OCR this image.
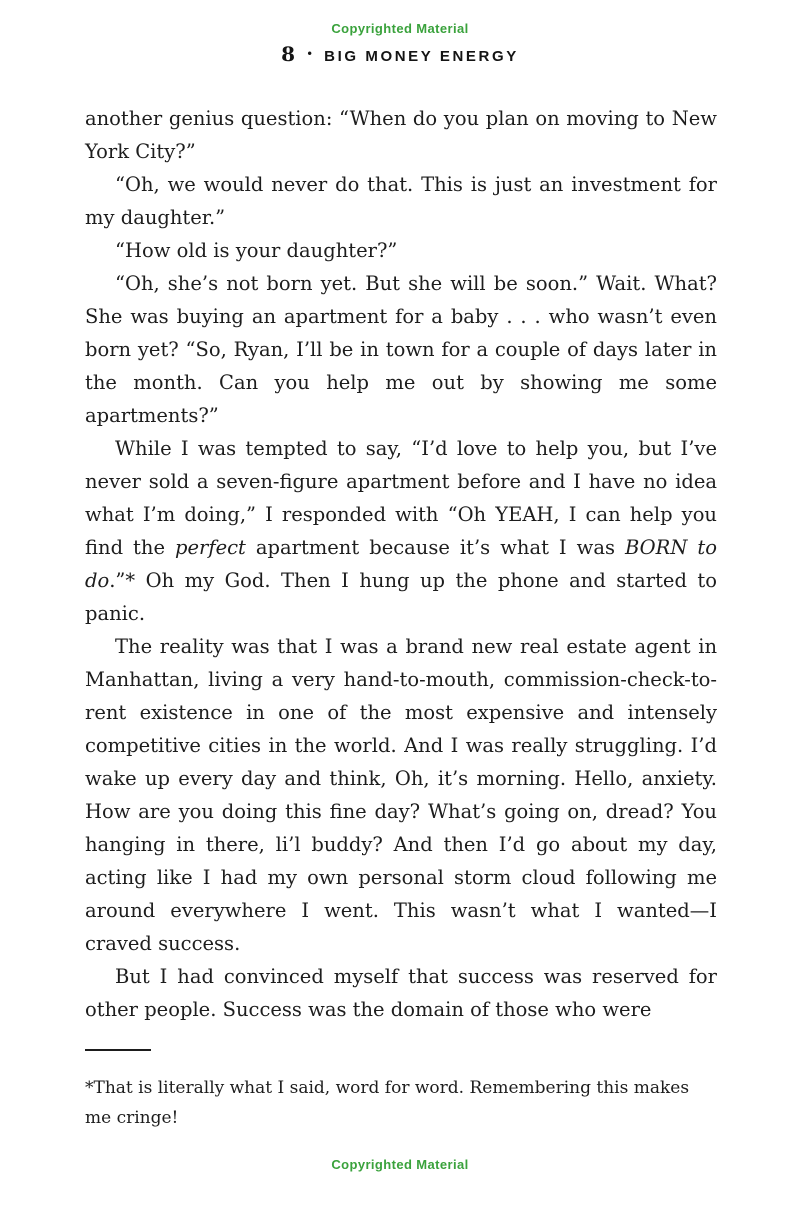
Copyrighted Material
8 • BIG MONEY ENERGY

another genius question: “When do you plan on moving to New York City?”

“Oh, we would never do that. This is just an investment for my daughter.”

“How old is your daughter?”

“Oh, she’s not born yet. But she will be soon.” Wait. What? She was buying an apartment for a baby . . . who wasn’t even born yet? “So, Ryan, I’ll be in town for a couple of days later in the month. Can you help me out by showing me some apartments?”

While I was tempted to say, “I’d love to help you, but I’ve never sold a seven-figure apartment before and I have no idea what I’m doing,” I responded with “Oh YEAH, I can help you find the perfect apartment because it’s what I was BORN to do.”* Oh my God. Then I hung up the phone and started to panic.

The reality was that I was a brand new real estate agent in Manhattan, living a very hand-to-mouth, commission-check-to-rent existence in one of the most expensive and intensely competitive cities in the world. And I was really struggling. I’d wake up every day and think, Oh, it’s morning. Hello, anxiety. How are you doing this fine day? What’s going on, dread? You hanging in there, li’l buddy? And then I’d go about my day, acting like I had my own personal storm cloud following me around everywhere I went. This wasn’t what I wanted—I craved success.

But I had convinced myself that success was reserved for other people. Success was the domain of those who were

*That is literally what I said, word for word. Remembering this makes me cringe!

Copyrighted Material
